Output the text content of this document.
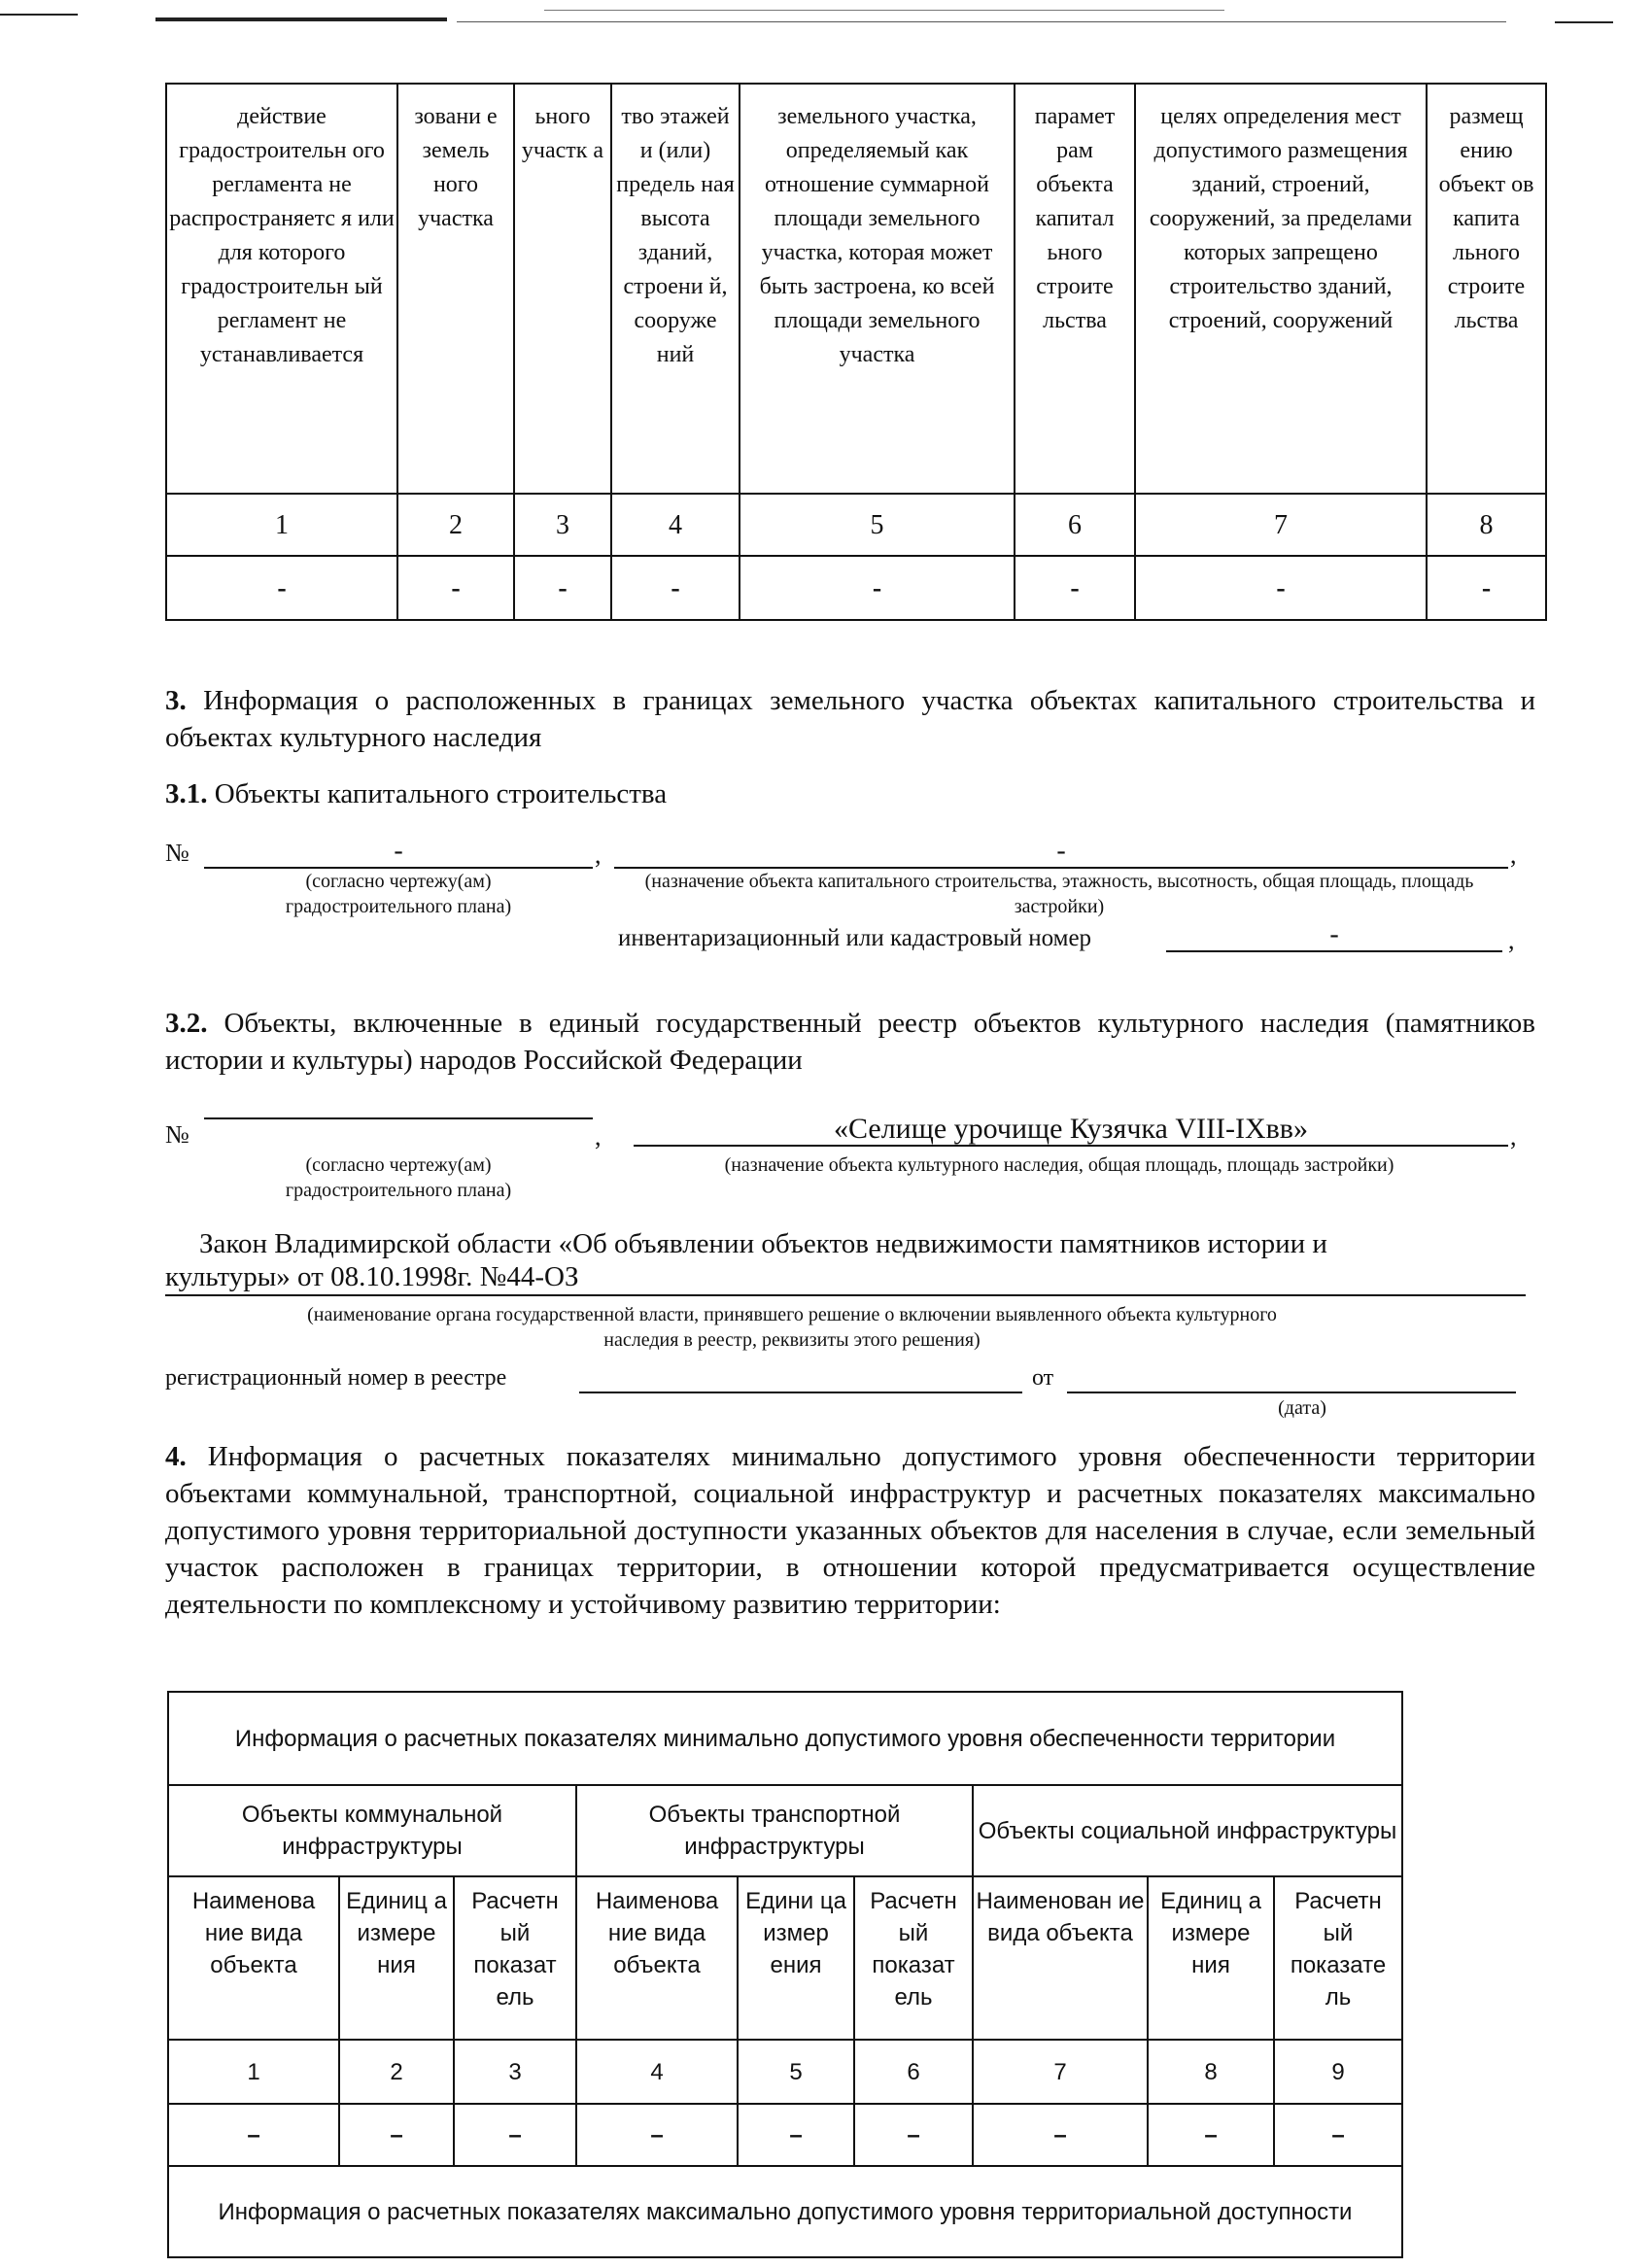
действие градостроительн ого регламента не распространяетс я или для которого градостроительн ый регламент не устанавливается	зовани е земель ного участка	ьного участк а	тво этажей и (или) предель ная высота зданий, строени й, сооруже ний	земельного участка, определяемый как отношение суммарной площади земельного участка, которая может быть застроена, ко всей площади земельного участка	парамет рам объекта капитал ьного строите льства	целях определения мест допустимого размещения зданий, строений, сооружений, за пределами которых запрещено строительство зданий, строений, сооружений	размещ ению объект ов капита льного строите льства
1	2	3	4	5	6	7	8
-	-	-	-	-	-	-	-
3. Информация о расположенных в границах земельного участка объектах капитального строительства и объектах культурного наследия
3.1. Объекты капитального строительства
№	-	,	-	,
(согласно чертежу(ам) градостроительного плана)
(назначение объекта капитального строительства, этажность, высотность, общая площадь, площадь застройки)
инвентаризационный или кадастровый номер	-	,
3.2. Объекты, включенные в единый государственный реестр объектов культурного наследия (памятников истории и культуры) народов Российской Федерации
№	,	«Селище урочище Кузячка VIII-IXвв»	,
(согласно чертежу(ам) градостроительного плана)
(назначение объекта культурного наследия, общая площадь, площадь застройки)
Закон Владимирской области «Об объявлении объектов недвижимости памятников истории и
культуры» от 08.10.1998г. №44-ОЗ
(наименование органа государственной власти, принявшего решение о включении выявленного объекта культурного наследия в реестр, реквизиты этого решения)
регистрационный номер в реестре	от
(дата)
4. Информация о расчетных показателях минимально допустимого уровня обеспеченности территории объектами коммунальной, транспортной, социальной инфраструктур и расчетных показателях максимально допустимого уровня территориальной доступности указанных объектов для населения в случае, если земельный участок расположен в границах территории, в отношении которой предусматривается осуществление деятельности по комплексному и устойчивому развитию территории:
Информация о расчетных показателях минимально допустимого уровня обеспеченности территории								
Объекты коммунальной инфраструктуры			Объекты транспортной инфраструктуры			Объекты социальной инфраструктуры		
Наименова ние вида объекта	Единиц а измере ния	Расчетн ый показат ель	Наименова ние вида объекта	Едини ца измер ения	Расчетн ый показат ель	Наименован ие вида объекта	Единиц а измере ния	Расчетн ый показате ль
1	2	3	4	5	6	7	8	9
–	–	–	–	–	–	–	–	–
Информация о расчетных показателях максимально допустимого уровня территориальной доступности								
